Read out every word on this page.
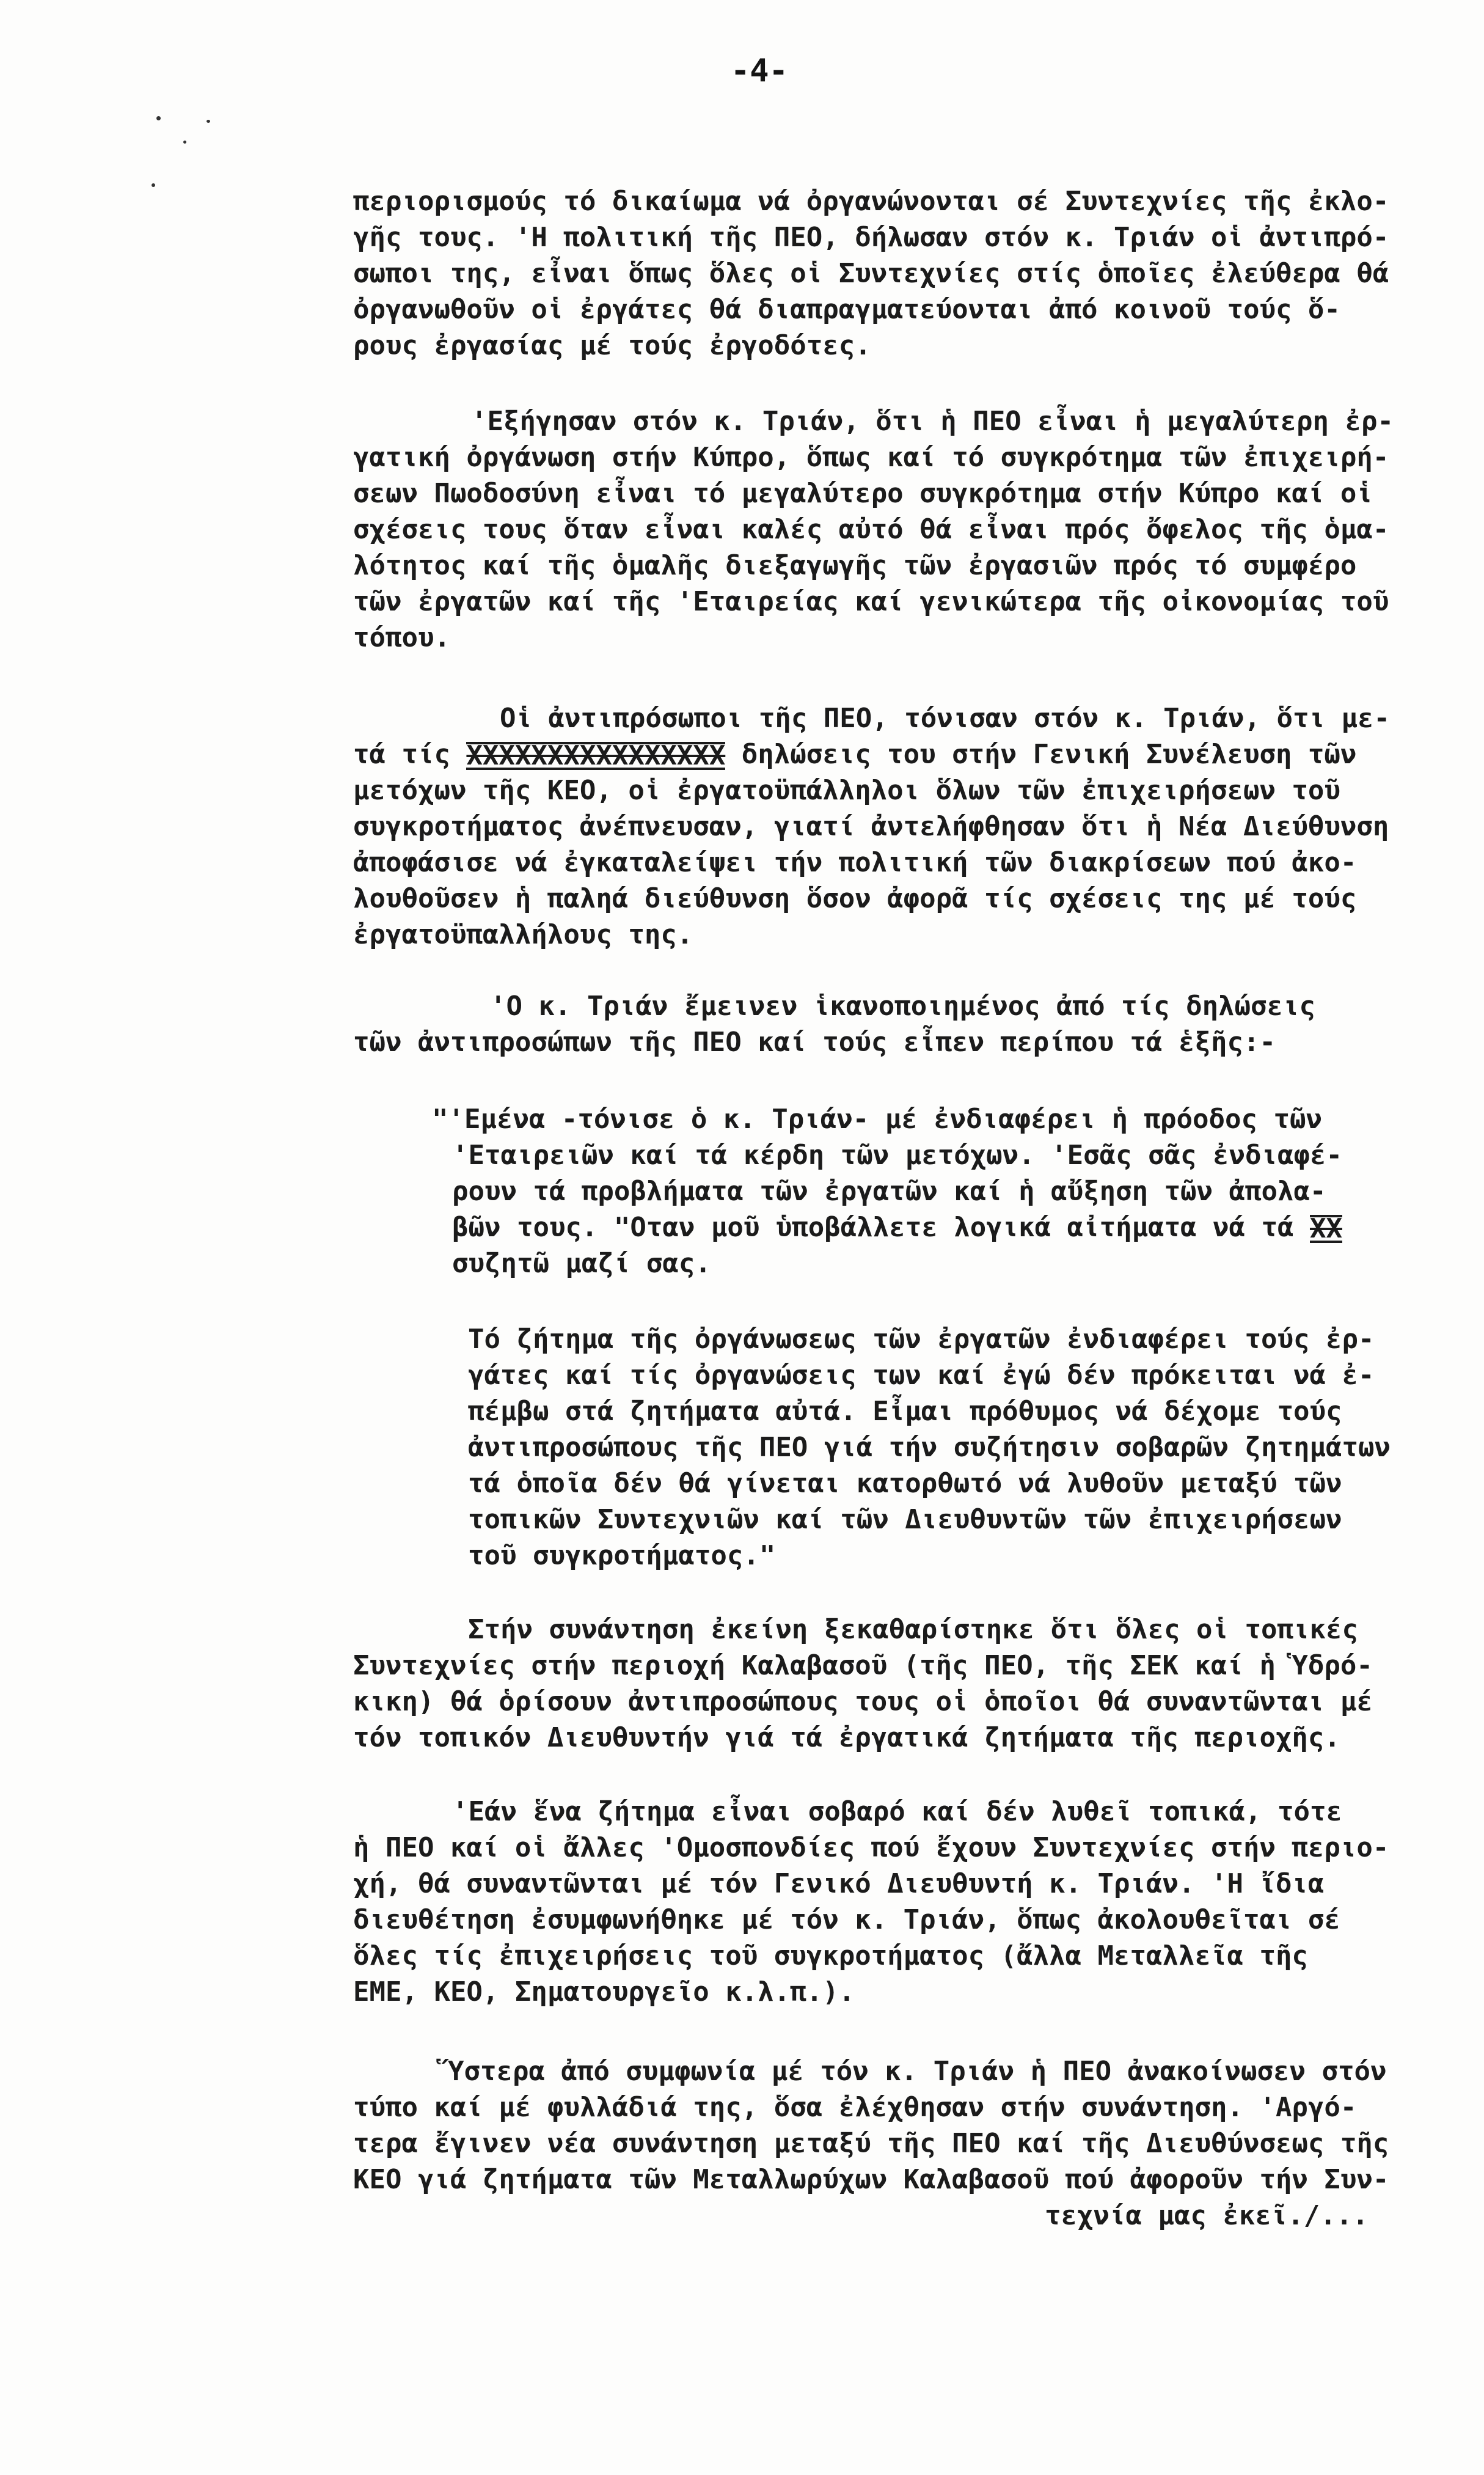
-4-
περιορισμούς τό δικαίωμα νά ὀργανώνονται σέ Συντεχνίες τῆς ἐκλο-
γῆς τους. 'Η πολιτική τῆς ΠΕΟ, δήλωσαν στόν κ. Τριάν οἱ ἀντιπρό-
σωποι της, εἶναι ὅπως ὅλες οἱ Συντεχνίες στίς ὁποῖες ἐλεύθερα θά
ὀργανωθοῦν οἱ ἐργάτες θά διαπραγματεύονται ἀπό κοινοῦ τούς ὅ-
ρους ἐργασίας μέ τούς ἐργοδότες.
'Εξήγησαν στόν κ. Τριάν, ὅτι ἡ ΠΕΟ εἶναι ἡ μεγαλύτερη ἐρ-
γατική ὀργάνωση στήν Κύπρο, ὅπως καί τό συγκρότημα τῶν ἐπιχειρή-
σεων Πωοδοσύνη εἶναι τό μεγαλύτερο συγκρότημα στήν Κύπρο καί οἱ
σχέσεις τους ὅταν εἶναι καλές αὐτό θά εἶναι πρός ὄφελος τῆς ὁμα-
λότητος καί τῆς ὁμαλῆς διεξαγωγῆς τῶν ἐργασιῶν πρός τό συμφέρο
τῶν ἐργατῶν καί τῆς 'Εταιρείας καί γενικώτερα τῆς οἰκονομίας τοῦ
τόπου.
Οἱ ἀντιπρόσωποι τῆς ΠΕΟ, τόνισαν στόν κ. Τριάν, ὅτι με-
τά τίς ΧΧΧΧΧΧΧΧΧΧΧΧΧΧΧΧ δηλώσεις του στήν Γενική Συνέλευση τῶν
μετόχων τῆς ΚΕΟ, οἱ ἐργατοϋπάλληλοι ὅλων τῶν ἐπιχειρήσεων τοῦ
συγκροτήματος ἀνέπνευσαν, γιατί ἀντελήφθησαν ὅτι ἡ Νέα Διεύθυνση
ἀποφάσισε νά ἐγκαταλείψει τήν πολιτική τῶν διακρίσεων πού ἀκο-
λουθοῦσεν ἡ παληά διεύθυνση ὅσον ἀφορᾶ τίς σχέσεις της μέ τούς
ἐργατοϋπαλλήλους της.
'Ο κ. Τριάν ἔμεινεν ἱκανοποιημένος ἀπό τίς δηλώσεις
τῶν ἀντιπροσώπων τῆς ΠΕΟ καί τούς εἶπεν περίπου τά ἑξῆς:-
"'Εμένα -τόνισε ὁ κ. Τριάν- μέ ἐνδιαφέρει ἡ πρόοδος τῶν
'Εταιρειῶν καί τά κέρδη τῶν μετόχων. 'Εσᾶς σᾶς ἐνδιαφέ-
ρουν τά προβλήματα τῶν ἐργατῶν καί ἡ αὔξηση τῶν ἀπολα-
βῶν τους. "Οταν μοῦ ὑποβάλλετε λογικά αἰτήματα νά τά ΧΧ
συζητῶ μαζί σας.
Τό ζήτημα τῆς ὀργάνωσεως τῶν ἐργατῶν ἐνδιαφέρει τούς ἐρ-
γάτες καί τίς ὀργανώσεις των καί ἐγώ δέν πρόκειται νά ἐ-
πέμβω στά ζητήματα αὐτά. Εἶμαι πρόθυμος νά δέχομε τούς
ἀντιπροσώπους τῆς ΠΕΟ γιά τήν συζήτησιν σοβαρῶν ζητημάτων
τά ὁποῖα δέν θά γίνεται κατορθωτό νά λυθοῦν μεταξύ τῶν
τοπικῶν Συντεχνιῶν καί τῶν Διευθυντῶν τῶν ἐπιχειρήσεων
τοῦ συγκροτήματος."
Στήν συνάντηση ἐκείνη ξεκαθαρίστηκε ὅτι ὅλες οἱ τοπικές
Συντεχνίες στήν περιοχή Καλαβασοῦ (τῆς ΠΕΟ, τῆς ΣΕΚ καί ἡ Ὑδρό-
κικη) θά ὁρίσουν ἀντιπροσώπους τους οἱ ὁποῖοι θά συναντῶνται μέ
τόν τοπικόν Διευθυντήν γιά τά ἐργατικά ζητήματα τῆς περιοχῆς.
'Εάν ἕνα ζήτημα εἶναι σοβαρό καί δέν λυθεῖ τοπικά, τότε
ἡ ΠΕΟ καί οἱ ἄλλες 'Ομοσπονδίες πού ἔχουν Συντεχνίες στήν περιο-
χή, θά συναντῶνται μέ τόν Γενικό Διευθυντή κ. Τριάν. 'Η ἴδια
διευθέτηση ἐσυμφωνήθηκε μέ τόν κ. Τριάν, ὅπως ἀκολουθεῖται σέ
ὅλες τίς ἐπιχειρήσεις τοῦ συγκροτήματος (ἄλλα Μεταλλεῖα τῆς
ΕΜΕ, ΚΕΟ, Σηματουργεῖο κ.λ.π.).
Ὕστερα ἀπό συμφωνία μέ τόν κ. Τριάν ἡ ΠΕΟ ἀνακοίνωσεν στόν
τύπο καί μέ φυλλάδιά της, ὅσα ἐλέχθησαν στήν συνάντηση. 'Αργό-
τερα ἔγινεν νέα συνάντηση μεταξύ τῆς ΠΕΟ καί τῆς Διευθύνσεως τῆς
ΚΕΟ γιά ζητήματα τῶν Μεταλλωρύχων Καλαβασοῦ πού ἀφοροῦν τήν Συν-
τεχνία μας ἐκεῖ./...
